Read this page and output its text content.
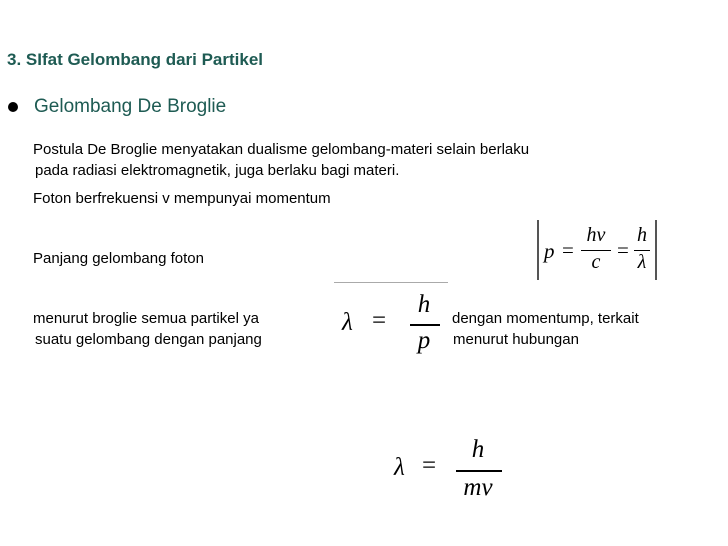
3. SIfat Gelombang dari Partikel
Gelombang De Broglie
Postula De Broglie menyatakan dualisme gelombang-materi selain berlaku
pada radiasi elektromagnetik, juga berlaku bagi materi.
Foton berfrekuensi v mempunyai momentum
Panjang gelombang foton
menurut broglie semua partikel ya
suatu gelombang dengan panjang
dengan momentump, terkait
menurut hubungan
p =
hν
c =
h
λ
λ =
h
p
λ =
h
mv
